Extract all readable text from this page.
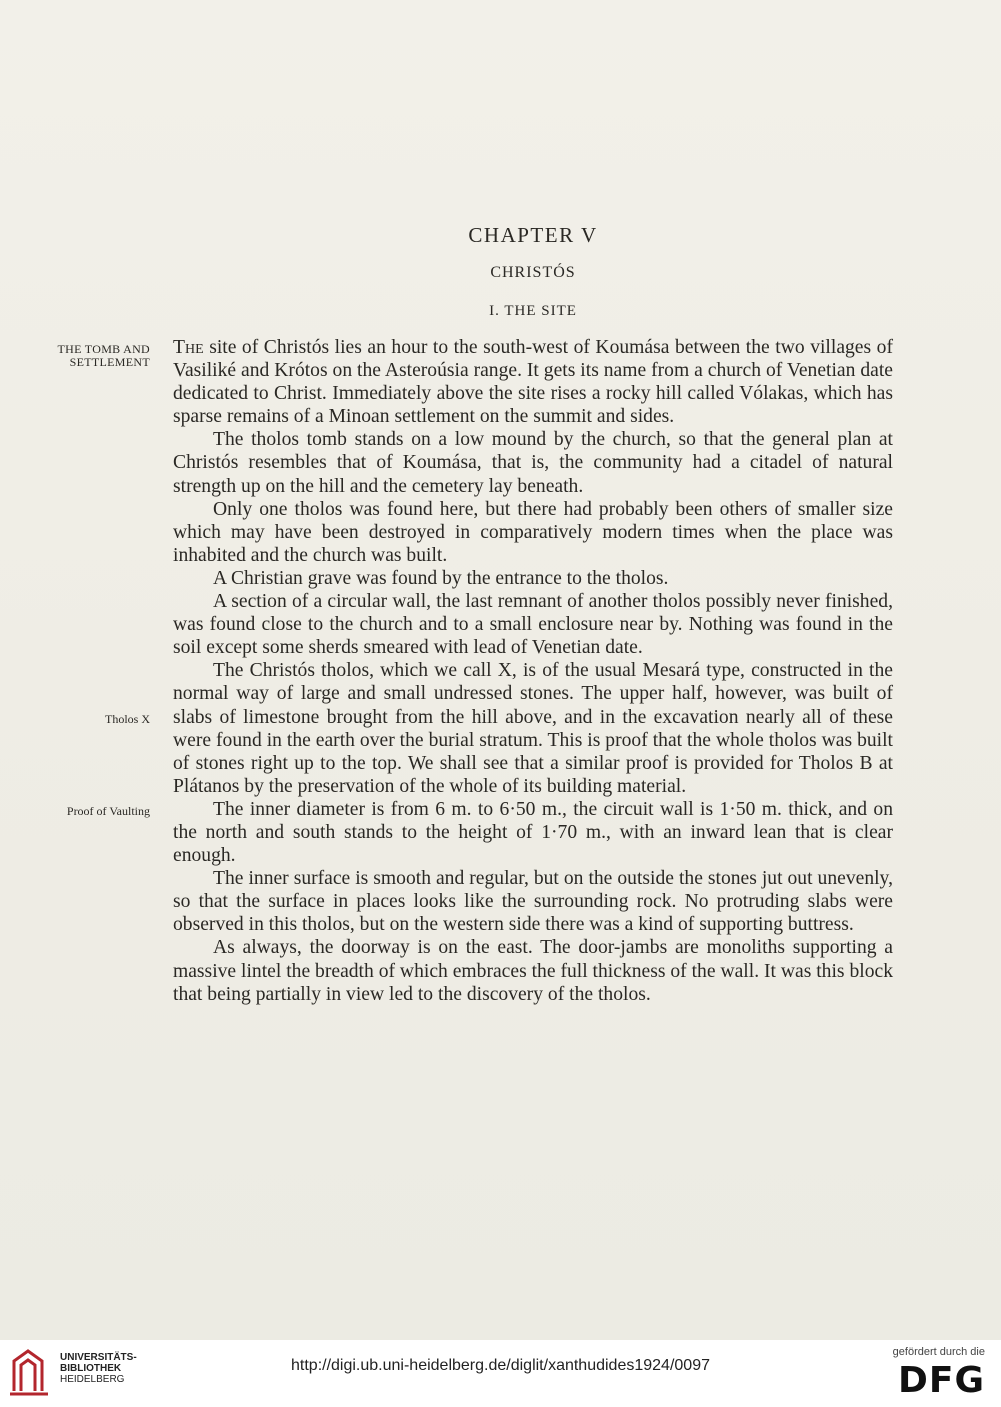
CHAPTER V
CHRISTÓS
I. THE SITE
THE TOMB AND SETTLEMENT
Tholos X
Proof of Vaulting

The site of Christós lies an hour to the south-west of Koumása between the two villages of Vasiliké and Krótos on the Asteroúsia range. It gets its name from a church of Venetian date dedicated to Christ. Immediately above the site rises a rocky hill called Vólakas, which has sparse remains of a Minoan settlement on the summit and sides.

The tholos tomb stands on a low mound by the church, so that the general plan at Christós resembles that of Koumása, that is, the community had a citadel of natural strength up on the hill and the cemetery lay beneath.

Only one tholos was found here, but there had probably been others of smaller size which may have been destroyed in comparatively modern times when the place was inhabited and the church was built.

A Christian grave was found by the entrance to the tholos.

A section of a circular wall, the last remnant of another tholos possibly never finished, was found close to the church and to a small enclosure near by. Nothing was found in the soil except some sherds smeared with lead of Venetian date.

The Christós tholos, which we call X, is of the usual Mesará type, constructed in the normal way of large and small undressed stones. The upper half, however, was built of slabs of limestone brought from the hill above, and in the excavation nearly all of these were found in the earth over the burial stratum. This is proof that the whole tholos was built of stones right up to the top. We shall see that a similar proof is provided for Tholos B at Plátanos by the preservation of the whole of its building material.

The inner diameter is from 6 m. to 6·50 m., the circuit wall is 1·50 m. thick, and on the north and south stands to the height of 1·70 m., with an inward lean that is clear enough.

The inner surface is smooth and regular, but on the outside the stones jut out unevenly, so that the surface in places looks like the surrounding rock. No protruding slabs were observed in this tholos, but on the western side there was a kind of supporting buttress.

As always, the doorway is on the east. The door-jambs are monoliths supporting a massive lintel the breadth of which embraces the full thickness of the wall. It was this block that being partially in view led to the discovery of the tholos.

UNIVERSITÄTS-
BIBLIOTHEK
HEIDELBERG
http://digi.ub.uni-heidelberg.de/diglit/xanthudides1924/0097
gefördert durch die
DFG
